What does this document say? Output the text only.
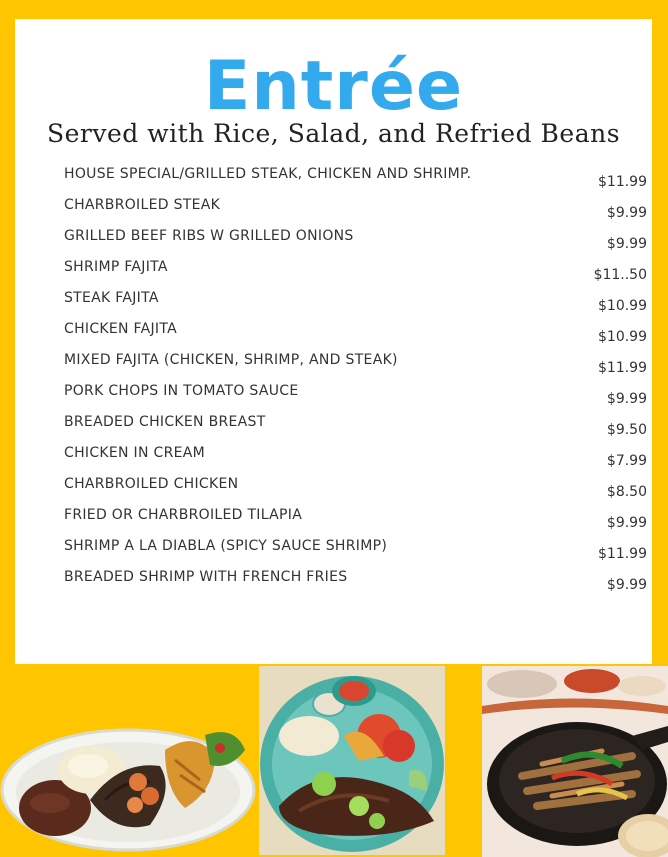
Entrée
Served with Rice, Salad, and Refried Beans
HOUSE SPECIAL/GRILLED STEAK, CHICKEN AND SHRIMP.	$11.99
CHARBROILED STEAK	$9.99
GRILLED BEEF RIBS W GRILLED ONIONS	$9.99
SHRIMP FAJITA	$11..50
STEAK FAJITA	$10.99
CHICKEN FAJITA	$10.99
MIXED FAJITA (CHICKEN, SHRIMP, AND STEAK)	$11.99
PORK CHOPS IN TOMATO SAUCE	$9.99
BREADED CHICKEN BREAST	$9.50
CHICKEN IN CREAM	$7.99
CHARBROILED CHICKEN	$8.50
FRIED OR CHARBROILED TILAPIA	$9.99
SHRIMP A LA DIABLA (SPICY SAUCE SHRIMP)	$11.99
BREADED SHRIMP WITH FRENCH FRIES	$9.99
